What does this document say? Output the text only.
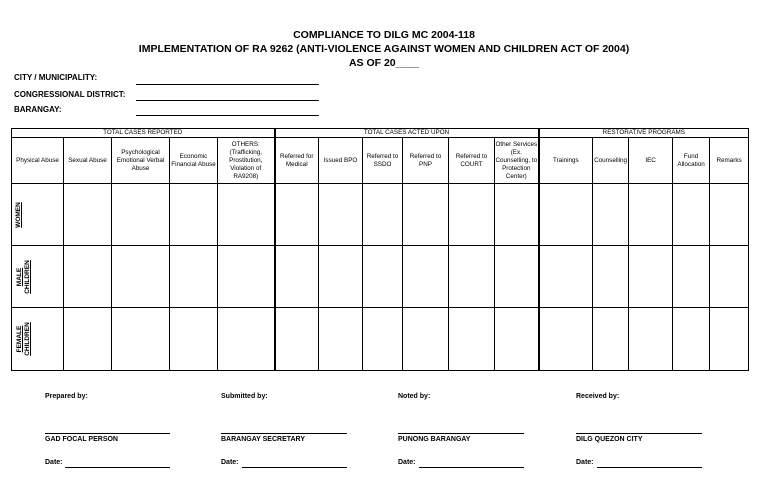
COMPLIANCE TO DILG MC 2004-118
IMPLEMENTATION OF RA 9262 (ANTI-VIOLENCE AGAINST WOMEN AND CHILDREN ACT OF 2004)
AS OF 20____
CITY / MUNICIPALITY:
CONGRESSIONAL DISTRICT:
BARANGAY:
TOTAL CASES REPORTED					TOTAL CASES ACTED UPON						RESTORATIVE PROGRAMS				
Physical Abuse	Sexual Abuse	Psychological Emotional Verbal Abuse	Economic Financial Abuse	OTHERS: (Trafficking, Prostitution, Violation of RA9208)	Referred for Medical	Issued BPO	Referred to SSDO	Referred to PNP	Referred to COURT	Other Services (Ex. Counselling, to Protection Center)	Trainings	Counselling	IEC	Fund Allocation	Remarks

WOMEN															

MALE
CHILDREN															

FEMALE
CHILDREN															

Prepared by:	Submitted by:	Noted by:	Received by:
GAD FOCAL PERSON	BARANGAY SECRETARY	PUNONG BARANGAY	DILG QUEZON CITY
Date:	Date:	Date:	Date:
